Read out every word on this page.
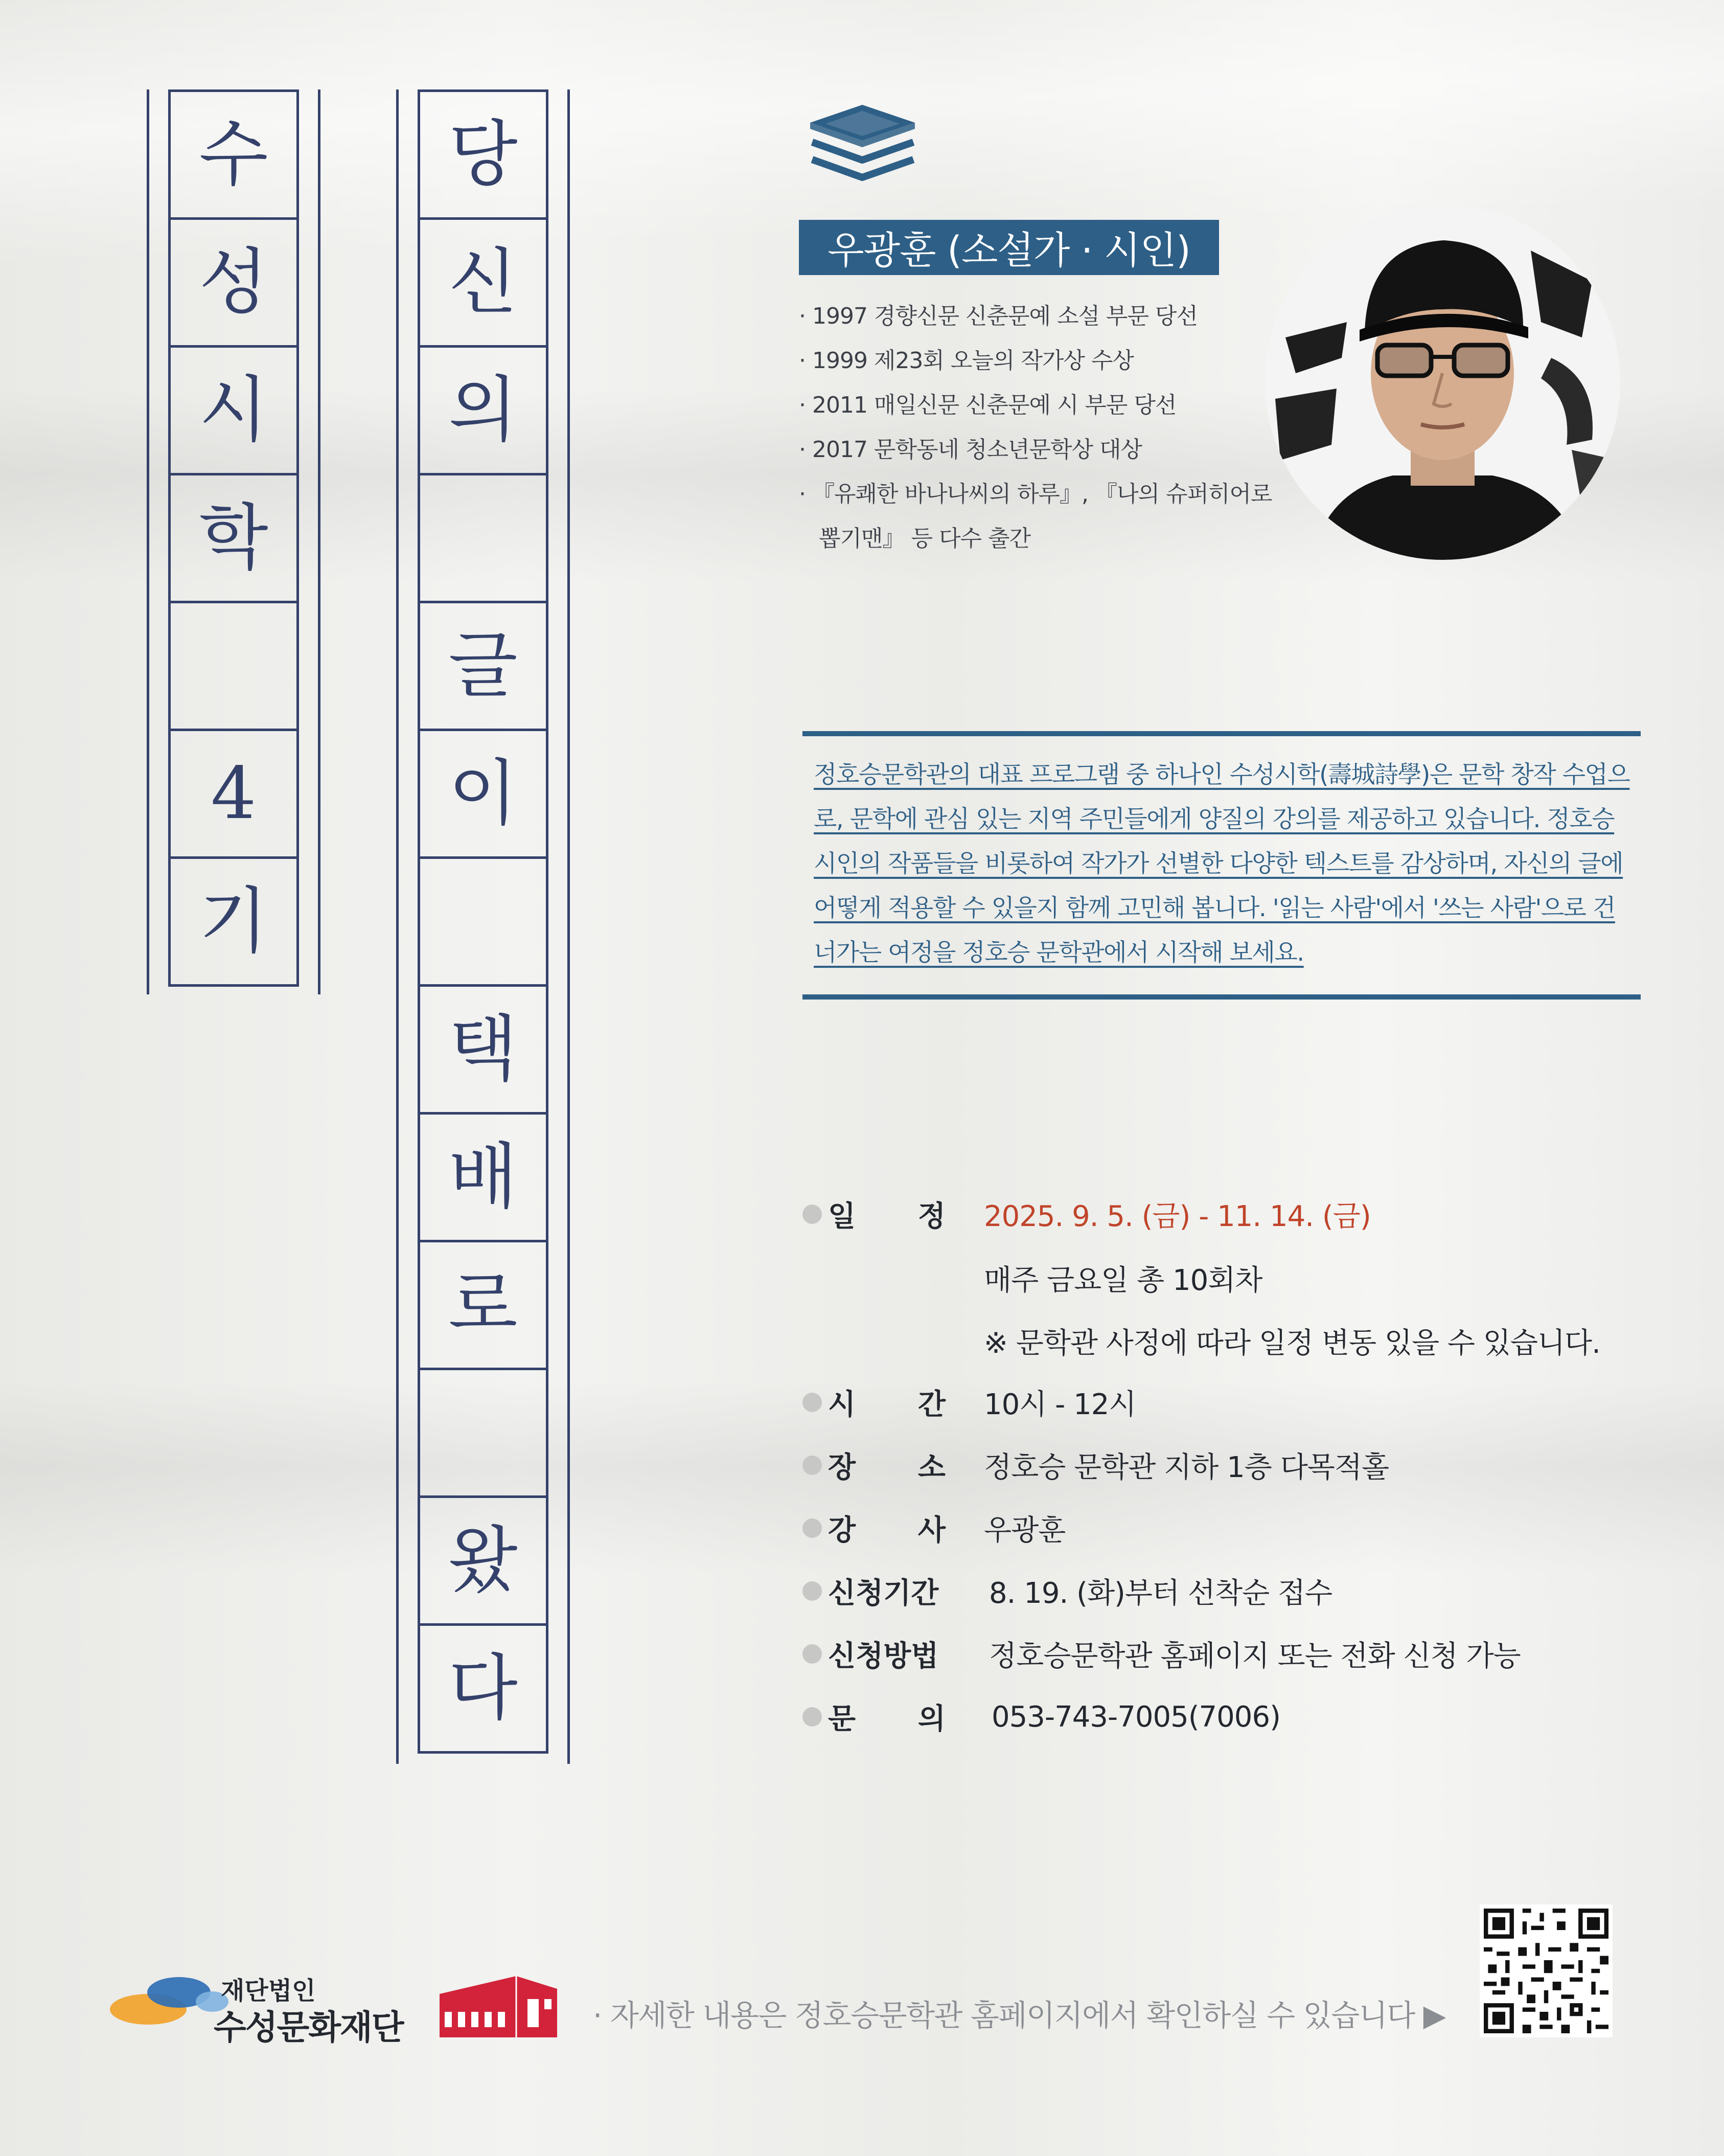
수
성
시
학
4
기
당
신
의
글
이
택
배
로
왔
다
우광훈 (소설가 · 시인)
· 1997 경향신문 신춘문예 소설 부문 당선
· 1999 제23회 오늘의 작가상 수상
· 2011 매일신문 신춘문예 시 부문 당선
· 2017 문학동네 청소년문학상 대상
· 『유쾌한 바나나씨의 하루』, 『나의 슈퍼히어로
뽑기맨』 등 다수 출간

정호승문학관의 대표 프로그램 중 하나인 수성시학(壽城詩學)은 문학 창작 수업으로, 문학에 관심 있는 지역 주민들에게 양질의 강의를 제공하고 있습니다. 정호승 시인의 작품들을 비롯하여 작가가 선별한 다양한 텍스트를 감상하며, 자신의 글에 어떻게 적용할 수 있을지 함께 고민해 봅니다. '읽는 사람'에서 '쓰는 사람'으로 건너가는 여정을 정호승 문학관에서 시작해 보세요.

일 정 2025. 9. 5. (금) - 11. 14. (금)
매주 금요일 총 10회차
※ 문학관 사정에 따라 일정 변동 있을 수 있습니다.
시 간 10시 - 12시
장 소 정호승 문학관 지하 1층 다목적홀
강 사 우광훈
신청기간 8. 19. (화)부터 선착순 접수
신청방법 정호승문학관 홈페이지 또는 전화 신청 가능
문 의 053-743-7005(7006)
재단법인
수성문화재단	· 자세한 내용은 정호승문학관 홈페이지에서 확인하실 수 있습니다 ▶
